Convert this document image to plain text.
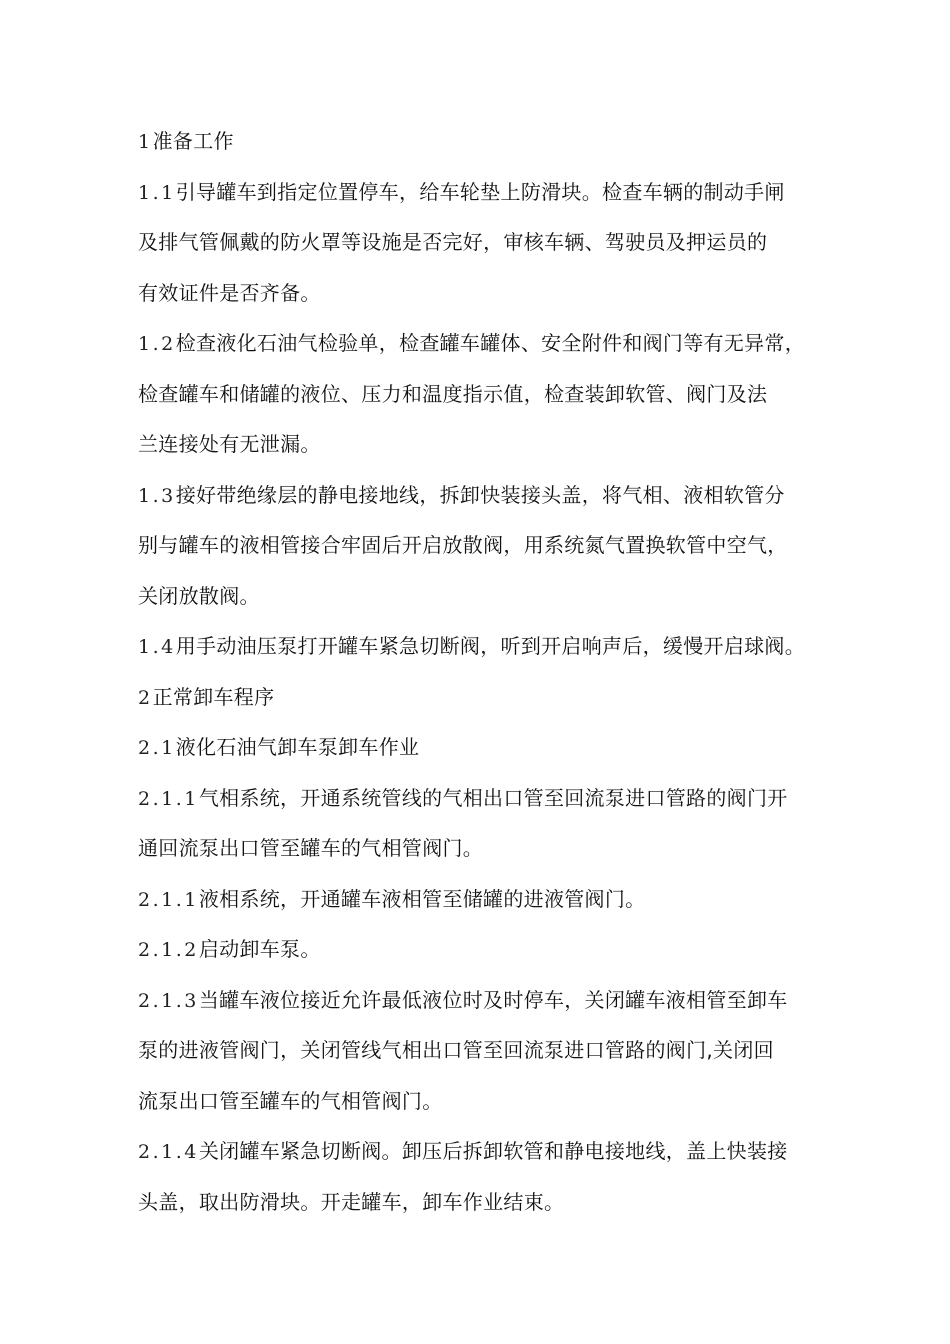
1准备工作
1.1引导罐车到指定位置停车，给车轮垫上防滑块。检查车辆的制动手闸
及排气管佩戴的防火罩等设施是否完好，审核车辆、驾驶员及押运员的
有效证件是否齐备。
1.2检查液化石油气检验单，检查罐车罐体、安全附件和阀门等有无异常，
检查罐车和储罐的液位、压力和温度指示值，检查装卸软管、阀门及法
兰连接处有无泄漏。
1.3接好带绝缘层的静电接地线，拆卸快装接头盖，将气相、液相软管分
别与罐车的液相管接合牢固后开启放散阀，用系统氮气置换软管中空气，
关闭放散阀。
1.4用手动油压泵打开罐车紧急切断阀，听到开启响声后，缓慢开启球阀。
2正常卸车程序
2.1液化石油气卸车泵卸车作业
2.1.1气相系统，开通系统管线的气相出口管至回流泵进口管路的阀门开
通回流泵出口管至罐车的气相管阀门。
2.1.1液相系统，开通罐车液相管至储罐的进液管阀门。
2.1.2启动卸车泵。
2.1.3当罐车液位接近允许最低液位时及时停车，关闭罐车液相管至卸车
泵的进液管阀门，关闭管线气相出口管至回流泵进口管路的阀门,关闭回
流泵出口管至罐车的气相管阀门。
2.1.4关闭罐车紧急切断阀。卸压后拆卸软管和静电接地线，盖上快装接
头盖，取出防滑块。开走罐车，卸车作业结束。
